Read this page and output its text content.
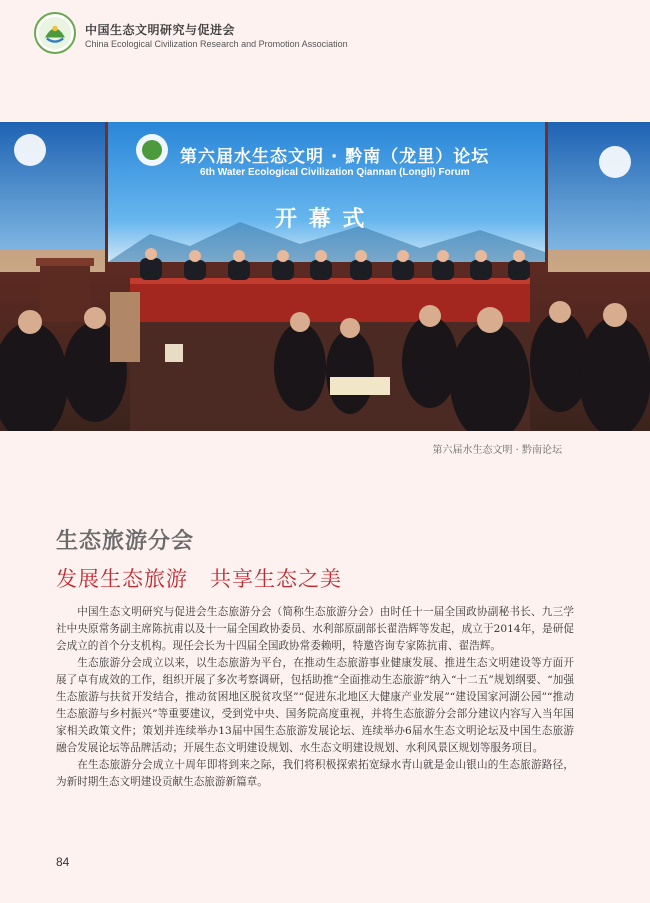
中国生态文明研究与促进会
China Ecological Civilization Research and Promotion Association
第六届水生态文明 · 黔南（龙里）论坛
6th Water Ecological Civilization Qiannan (Longli) Forum
开 幕 式
第六届水生态文明 · 黔南论坛
生态旅游分会
发展生态旅游　共享生态之美

中国生态文明研究与促进会生态旅游分会（简称生态旅游分会）由时任十一届全国政协副秘书长、九三学社中央原常务副主席陈抗甫以及十一届全国政协委员、水利部原副部长翟浩辉等发起，成立于2014年，是研促会成立的首个分支机构。现任会长为十四届全国政协常委赖明，特邀咨询专家陈抗甫、翟浩辉。

生态旅游分会成立以来，以生态旅游为平台，在推动生态旅游事业健康发展、推进生态文明建设等方面开展了卓有成效的工作，组织开展了多次考察调研，包括助推“全面推动生态旅游”纳入“十二五”规划纲要、“加强生态旅游与扶贫开发结合，推动贫困地区脱贫攻坚”“促进东北地区大健康产业发展”“建设国家河湖公园”“推动生态旅游与乡村振兴”等重要建议，受到党中央、国务院高度重视，并将生态旅游分会部分建议内容写入当年国家相关政策文件；策划并连续举办13届中国生态旅游发展论坛、连续举办6届水生态文明论坛及中国生态旅游融合发展论坛等品牌活动；开展生态文明建设规划、水生态文明建设规划、水利风景区规划等服务项目。

在生态旅游分会成立十周年即将到来之际，我们将积极探索拓宽绿水青山就是金山银山的生态旅游路径，为新时期生态文明建设贡献生态旅游新篇章。

84
